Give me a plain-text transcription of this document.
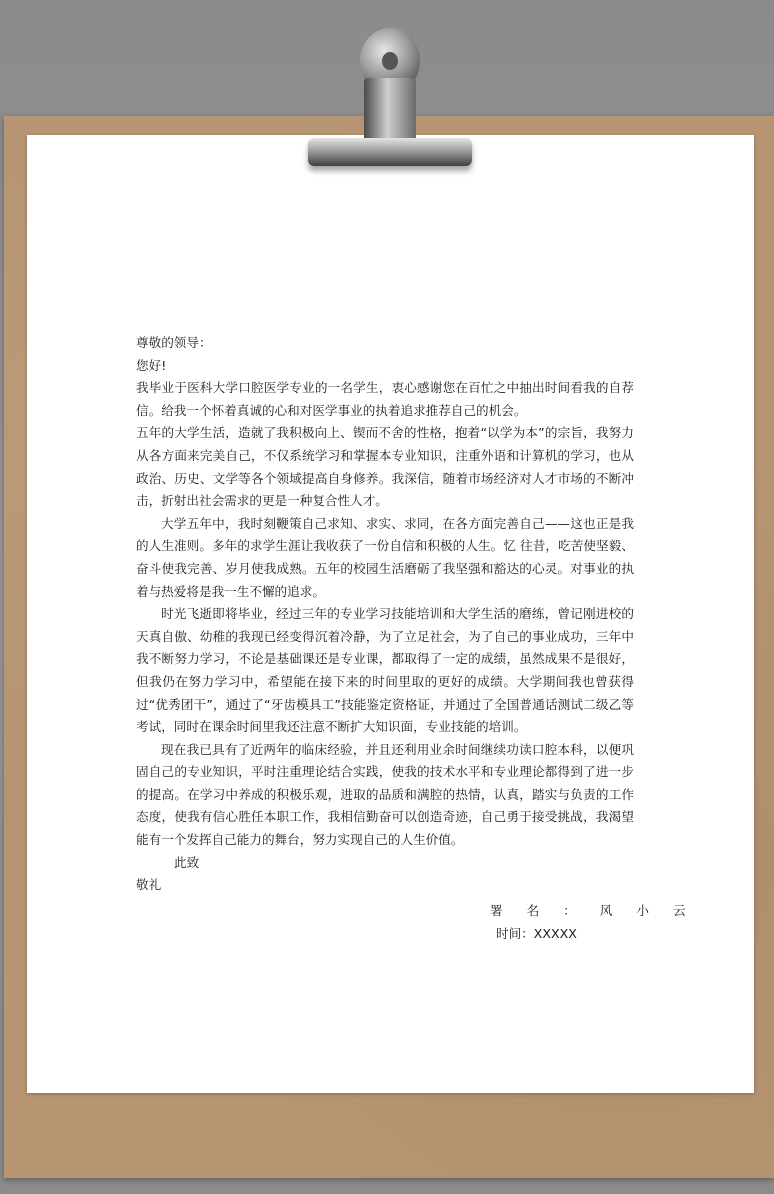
尊敬的领导：

您好!

我毕业于医科大学口腔医学专业的一名学生，衷心感谢您在百忙之中抽出时间看我的自荐信。给我一个怀着真诚的心和对医学事业的执着追求推荐自己的机会。

五年的大学生活，造就了我积极向上、锲而不舍的性格，抱着“以学为本”的宗旨，我努力从各方面来完美自己，不仅系统学习和掌握本专业知识，注重外语和计算机的学习，也从政治、历史、文学等各个领域提高自身修养。我深信，随着市场经济对人才市场的不断冲击，折射出社会需求的更是一种复合性人才。

大学五年中，我时刻鞭策自己求知、求实、求同，在各方面完善自己——这也正是我的人生准则。多年的求学生涯让我收获了一份自信和积极的人生。忆 往昔，吃苦使坚毅、奋斗使我完善、岁月使我成熟。五年的校园生活磨砺了我坚强和豁达的心灵。对事业的执着与热爱将是我一生不懈的追求。

时光飞逝即将毕业，经过三年的专业学习技能培训和大学生活的磨练，曾记刚进校的天真自傲、幼稚的我现已经变得沉着冷静，为了立足社会，为了自己的事业成功，三年中我不断努力学习，不论是基础课还是专业课，都取得了一定的成绩，虽然成果不是很好，但我仍在努力学习中，希望能在接下来的时间里取的更好的成绩。大学期间我也曾获得过“优秀团干”，通过了“牙齿模具工”技能鉴定资格证，并通过了全国普通话测试二级乙等考试，同时在课余时间里我还注意不断扩大知识面，专业技能的培训。

现在我已具有了近两年的临床经验，并且还利用业余时间继续功读口腔本科，以便巩固自己的专业知识，平时注重理论结合实践，使我的技术水平和专业理论都得到了进一步的提高。在学习中养成的积极乐观，进取的品质和满腔的热情，认真，踏实与负责的工作态度，使我有信心胜任本职工作，我相信勤奋可以创造奇迹，自己勇于接受挑战，我渴望能有一个发挥自己能力的舞台，努力实现自己的人生价值。

此致

敬礼

署 名 ： 风 小 云
时间：XXXXX
